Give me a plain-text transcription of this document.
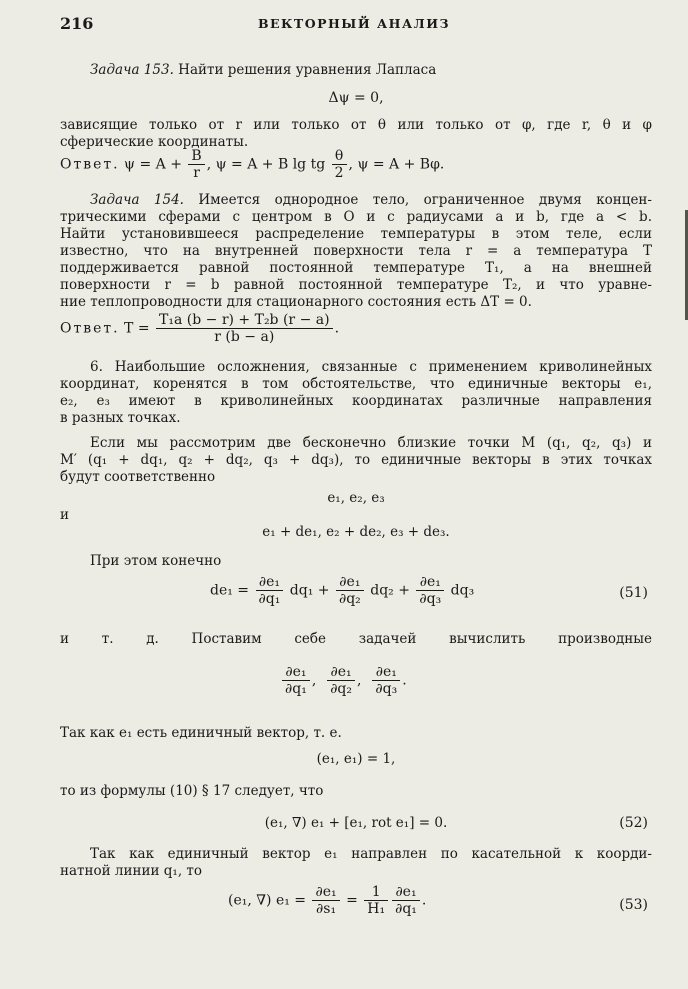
216	ВЕКТОРНЫЙ АНАЛИЗ
Задача 153. Найти решения уравнения Лапласа
Δψ = 0,
зависящие только от r или только от θ или только от φ, где r, θ и φ
сферические координаты.
Ответ. $\psi = A + \frac{B}{r}$ , ψ = A + B lg tg $\frac{\theta}{2}$ , ψ = A + Bφ.
Задача 154. Имеется однородное тело, ограниченное двумя концен-
трическими сферами с центром в O и с радиусами a и b, где a < b.
Найти установившееся распределение температуры в этом теле, если
известно, что на внутренней поверхности тела r = a температура T
поддерживается равной постоянной температуре T₁, а на внешней
поверхности r = b равной постоянной температуре T₂, и что уравне-
ние теплопроводности для стационарного состояния есть ΔT = 0.
Ответ. $T = \frac{\text{T₁a (b − r) + T₂b (r − a)}}{r (b - a)}$ .
6. Наибольшие осложнения, связанные с применением криволинейных
координат, коренятся в том обстоятельстве, что единичные векторы e₁,
e₂, e₃ имеют в криволинейных координатах различные направления
в разных точках.
Если мы рассмотрим две бесконечно близкие точки M (q₁, q₂, q₃) и
M′ (q₁ + dq₁, q₂ + dq₂, q₃ + dq₃), то единичные векторы в этих точках
будут соответственно
e₁, e₂, e₃
и
e₁ + de₁, e₂ + de₂, e₃ + de₃.
При этом конечно
$de_1 = \frac{\text{∂e₁}}{\text{∂q₁}} dq_1 + \frac{\text{∂e₁}}{\text{∂q₂}} dq_2 + \frac{\text{∂e₁}}{\text{∂q₃}} dq_3$	(51)
и т. д. Поставим себе задачей вычислить производные
$\frac{\text{∂e₁}}{\text{∂q₁}}$ , $\frac{\text{∂e₁}}{\text{∂q₂}}$ , $\frac{\text{∂e₁}}{\text{∂q₃}}$ .
Так как e₁ есть единичный вектор, т. е.
(e₁, e₁) = 1,
то из формулы (10) § 17 следует, что
(e₁, ∇) e₁ + [e₁, rot e₁] = 0.	(52)
Так как единичный вектор e₁ направлен по касательной к коорди-
натной линии q₁, то
(e₁, ∇) $e_1 = \frac{\text{∂e₁}}{\text{∂s₁}} = \frac{1}{\text{H₁}} \frac{\text{∂e₁}}{\text{∂q₁}}$ .	(53)
